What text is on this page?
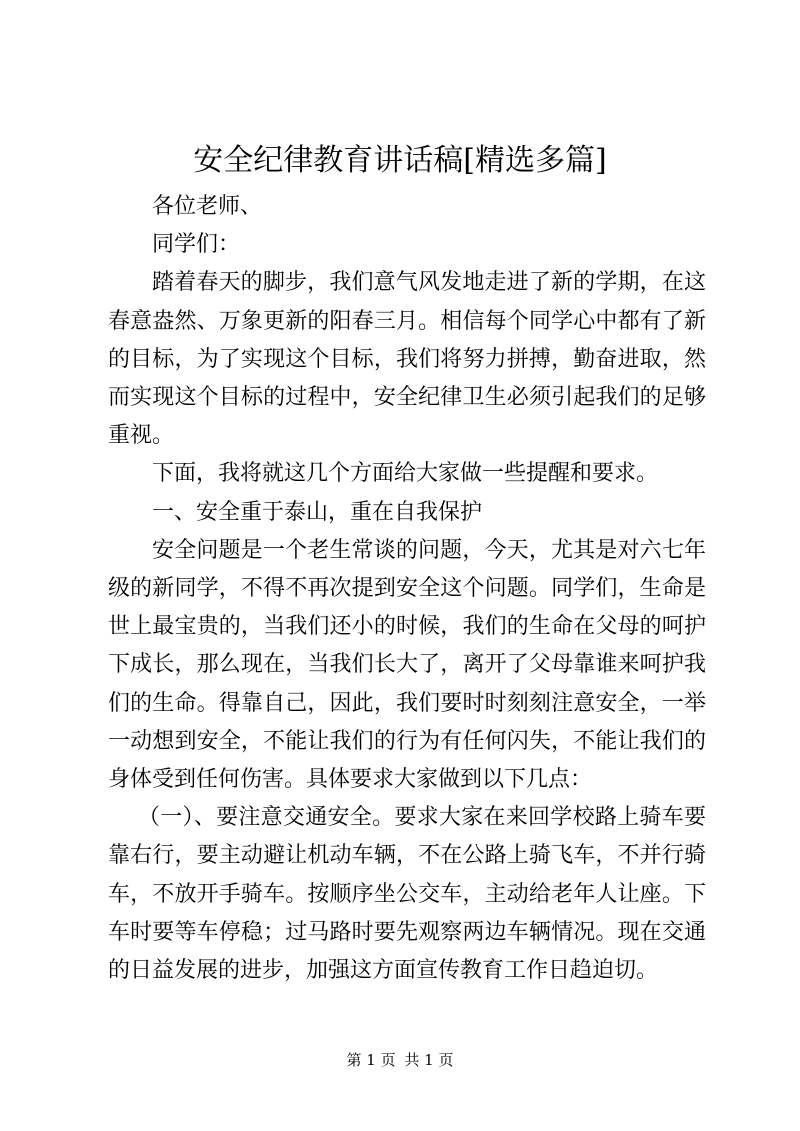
安全纪律教育讲话稿[精选多篇]

各位老师、

同学们：

踏着春天的脚步，我们意气风发地走进了新的学期，在这春意盎然、万象更新的阳春三月。相信每个同学心中都有了新的目标，为了实现这个目标，我们将努力拼搏，勤奋进取，然而实现这个目标的过程中，安全纪律卫生必须引起我们的足够重视。

下面，我将就这几个方面给大家做一些提醒和要求。

一、安全重于泰山，重在自我保护

安全问题是一个老生常谈的问题，今天，尤其是对六七年级的新同学，不得不再次提到安全这个问题。同学们，生命是世上最宝贵的，当我们还小的时候，我们的生命在父母的呵护下成长，那么现在，当我们长大了，离开了父母靠谁来呵护我们的生命。得靠自己，因此，我们要时时刻刻注意安全，一举一动想到安全，不能让我们的行为有任何闪失，不能让我们的身体受到任何伤害。具体要求大家做到以下几点：

（一）、要注意交通安全。要求大家在来回学校路上骑车要靠右行，要主动避让机动车辆，不在公路上骑飞车，不并行骑车，不放开手骑车。按顺序坐公交车，主动给老年人让座。下车时要等车停稳；过马路时要先观察两边车辆情况。现在交通的日益发展的进步，加强这方面宣传教育工作日趋迫切。

第 1 页 共 1 页
